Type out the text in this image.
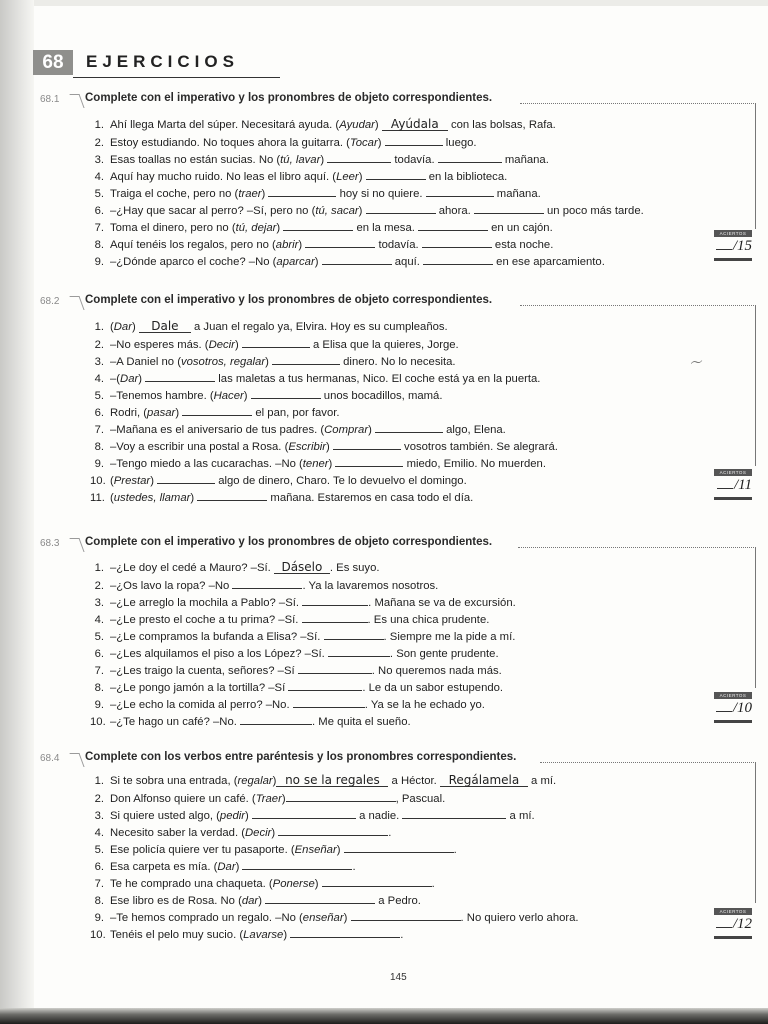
68	EJERCICIOS
68.1	Complete con el imperativo y los pronombres de objeto correspondientes.
1. Ahí llega Marta del súper. Necesitará ayuda. (Ayudar) Ayúdala con las bolsas, Rafa.
2. Estoy estudiando. No toques ahora la guitarra. (Tocar)	luego.
3. Esas toallas no están sucias. No (tú, lavar)	todavía.	mañana.
4. Aquí hay mucho ruido. No leas el libro aquí. (Leer)	en la biblioteca.
5. Traiga el coche, pero no (traer)	hoy si no quiere.	mañana.
6. –¿Hay que sacar al perro? –Sí, pero no (tú, sacar)	ahora.	un poco más tarde.
7. Toma el dinero, pero no (tú, dejar)	en la mesa.	en un cajón.
8. Aquí tenéis los regalos, pero no (abrir)	todavía.	esta noche.
9. –¿Dónde aparco el coche? –No (aparcar)	aquí.	en ese aparcamiento.
ACIERTOS
/15
68.2	Complete con el imperativo y los pronombres de objeto correspondientes.
1. (Dar) Dale a Juan el regalo ya, Elvira. Hoy es su cumpleaños.
2. –No esperes más. (Decir)	a Elisa que la quieres, Jorge.
3. –A Daniel no (vosotros, regalar)	dinero. No lo necesita.
4. –(Dar)	las maletas a tus hermanas, Nico. El coche está ya en la puerta.
5. –Tenemos hambre. (Hacer)	unos bocadillos, mamá.
6. Rodri, (pasar)	el pan, por favor.
7. –Mañana es el aniversario de tus padres. (Comprar)	algo, Elena.
8. –Voy a escribir una postal a Rosa. (Escribir)	vosotros también. Se alegrará.
9. –Tengo miedo a las cucarachas. –No (tener)	miedo, Emilio. No muerden.
10. (Prestar)	algo de dinero, Charo. Te lo devuelvo el domingo.
11. (ustedes, llamar)	mañana. Estaremos en casa todo el día.
ACIERTOS
/11
68.3	Complete con el imperativo y los pronombres de objeto correspondientes.
1. –¿Le doy el cedé a Mauro? –Sí. Dáselo . Es suyo.
2. –¿Os lavo la ropa? –No	. Ya la lavaremos nosotros.
3. –¿Le arreglo la mochila a Pablo? –Sí.	. Mañana se va de excursión.
4. –¿Le presto el coche a tu prima? –Sí.	. Es una chica prudente.
5. –¿Le compramos la bufanda a Elisa? –Sí.	. Siempre me la pide a mí.
6. –¿Les alquilamos el piso a los López? –Sí.	. Son gente prudente.
7. –¿Les traigo la cuenta, señores? –Sí	. No queremos nada más.
8. –¿Le pongo jamón a la tortilla? –Sí	. Le da un sabor estupendo.
9. –¿Le echo la comida al perro? –No.	. Ya se la he echado yo.
10. –¿Te hago un café? –No.	. Me quita el sueño.
ACIERTOS
/10
68.4	Complete con los verbos entre paréntesis y los pronombres correspondientes.
1. Si te sobra una entrada, (regalar) no se la regales a Héctor. Regálamela a mí.
2. Don Alfonso quiere un café. (Traer)	, Pascual.
3. Si quiere usted algo, (pedir)	a nadie.	a mí.
4. Necesito saber la verdad. (Decir)	.
5. Ese policía quiere ver tu pasaporte. (Enseñar)	.
6. Esa carpeta es mía. (Dar)	.
7. Te he comprado una chaqueta. (Ponerse)	.
8. Ese libro es de Rosa. No (dar)	a Pedro.
9. –Te hemos comprado un regalo. –No (enseñar)	. No quiero verlo ahora.
10. Tenéis el pelo muy sucio. (Lavarse)	.
ACIERTOS
/12
〜
145
